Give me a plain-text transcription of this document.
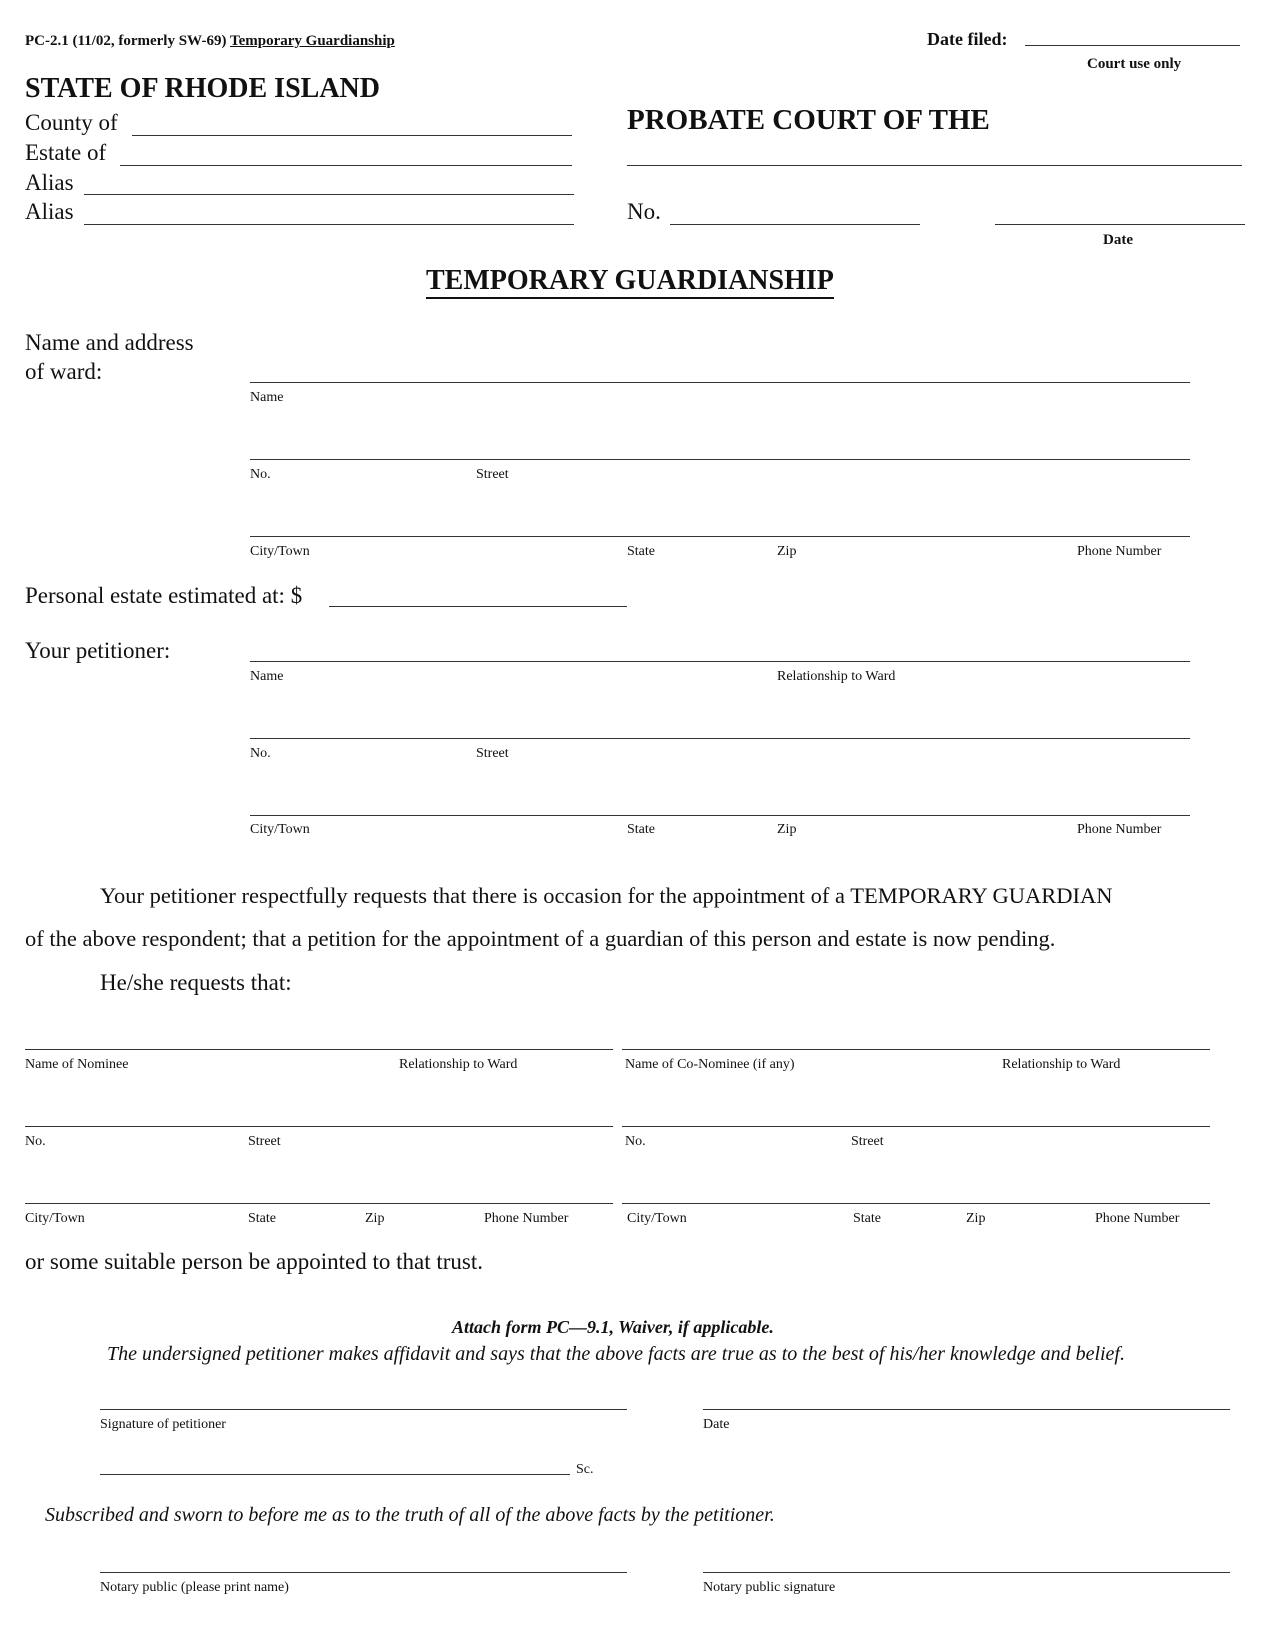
PC-2.1 (11/02, formerly SW-69) Temporary Guardianship	Date filed:
Court use only
STATE OF RHODE ISLAND
County of
Estate of
Alias
Alias
PROBATE COURT OF THE
No.
Date
TEMPORARY GUARDIANSHIP
Name and address
of ward:
Name
No.	Street
City/Town	State	Zip	Phone Number
Personal estate estimated at: $
Your petitioner:
Name	Relationship to Ward
No.	Street
City/Town	State	Zip	Phone Number
Your petitioner respectfully requests that there is occasion for the appointment of a TEMPORARY GUARDIAN
of the above respondent; that a petition for the appointment of a guardian of this person and estate is now pending.
He/she requests that:
Name of Nominee	Relationship to Ward
No.	Street
City/Town	State	Zip	Phone Number
Name of Co-Nominee (if any)	Relationship to Ward
No.	Street
City/Town	State	Zip	Phone Number
or some suitable person be appointed to that trust.
Attach form PC—9.1, Waiver, if applicable.
The undersigned petitioner makes affidavit and says that the above facts are true as to the best of his/her knowledge and belief.
Signature of petitioner	Date
Sc.
Subscribed and sworn to before me as to the truth of all of the above facts by the petitioner.
Notary public (please print name)	Notary public signature
